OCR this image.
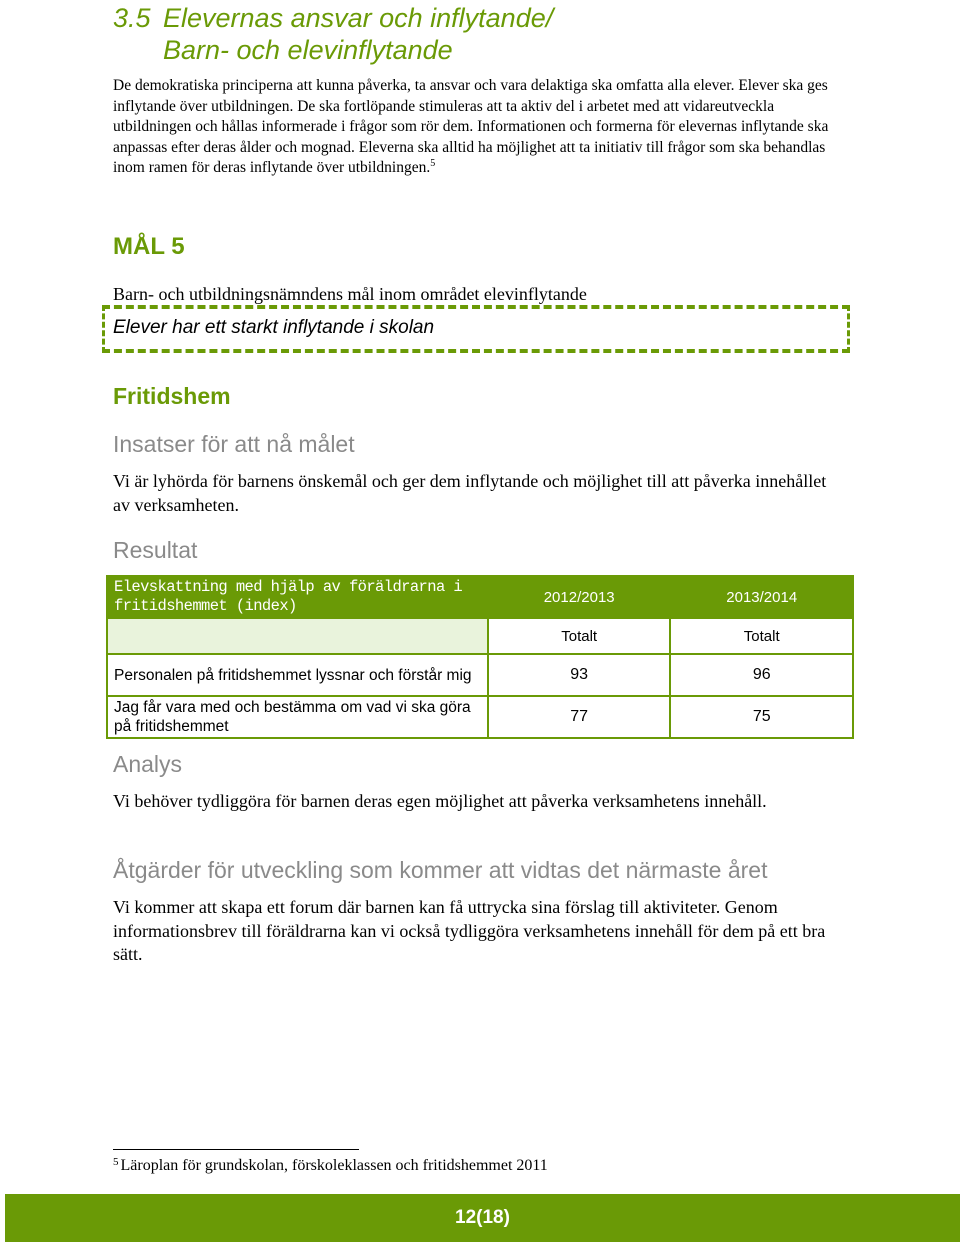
3.5 Elevernas ansvar och inflytande/
Barn- och elevinflytande

De demokratiska principerna att kunna påverka, ta ansvar och vara delaktiga ska omfatta alla elever. Elever ska ges inflytande över utbildningen. De ska fortlöpande stimuleras att ta aktiv del i arbetet med att vidareutveckla utbildningen och hållas informerade i frågor som rör dem. Informationen och formerna för elevernas inflytande ska anpassas efter deras ålder och mognad. Eleverna ska alltid ha möjlighet att ta initiativ till frågor som ska behandlas inom ramen för deras inflytande över utbildningen.$^5$

MÅL 5
Barn- och utbildningsnämndens mål inom området elevinflytande
Elever har ett starkt inflytande i skolan
Fritidshem
Insatser för att nå målet

Vi är lyhörda för barnens önskemål och ger dem inflytande och möjlighet till att påverka innehållet av verksamheten.

Resultat
Elevskattning med hjälp av föräldrarna i fritidshemmet (index)	2012/2013	2013/2014
	Totalt	Totalt
Personalen på fritidshemmet lyssnar och förstår mig	93	96
Jag får vara med och bestämma om vad vi ska göra på fritidshemmet	77	75
Analys

Vi behöver tydliggöra för barnen deras egen möjlighet att påverka verksamhetens innehåll.

Åtgärder för utveckling som kommer att vidtas det närmaste året

Vi kommer att skapa ett forum där barnen kan få uttrycka sina förslag till aktiviteter. Genom informationsbrev till föräldrarna kan vi också tydliggöra verksamhetens innehåll för dem på ett bra sätt.

$^5$ Läroplan för grundskolan, förskoleklassen och fritidshemmet 2011
12(18)
